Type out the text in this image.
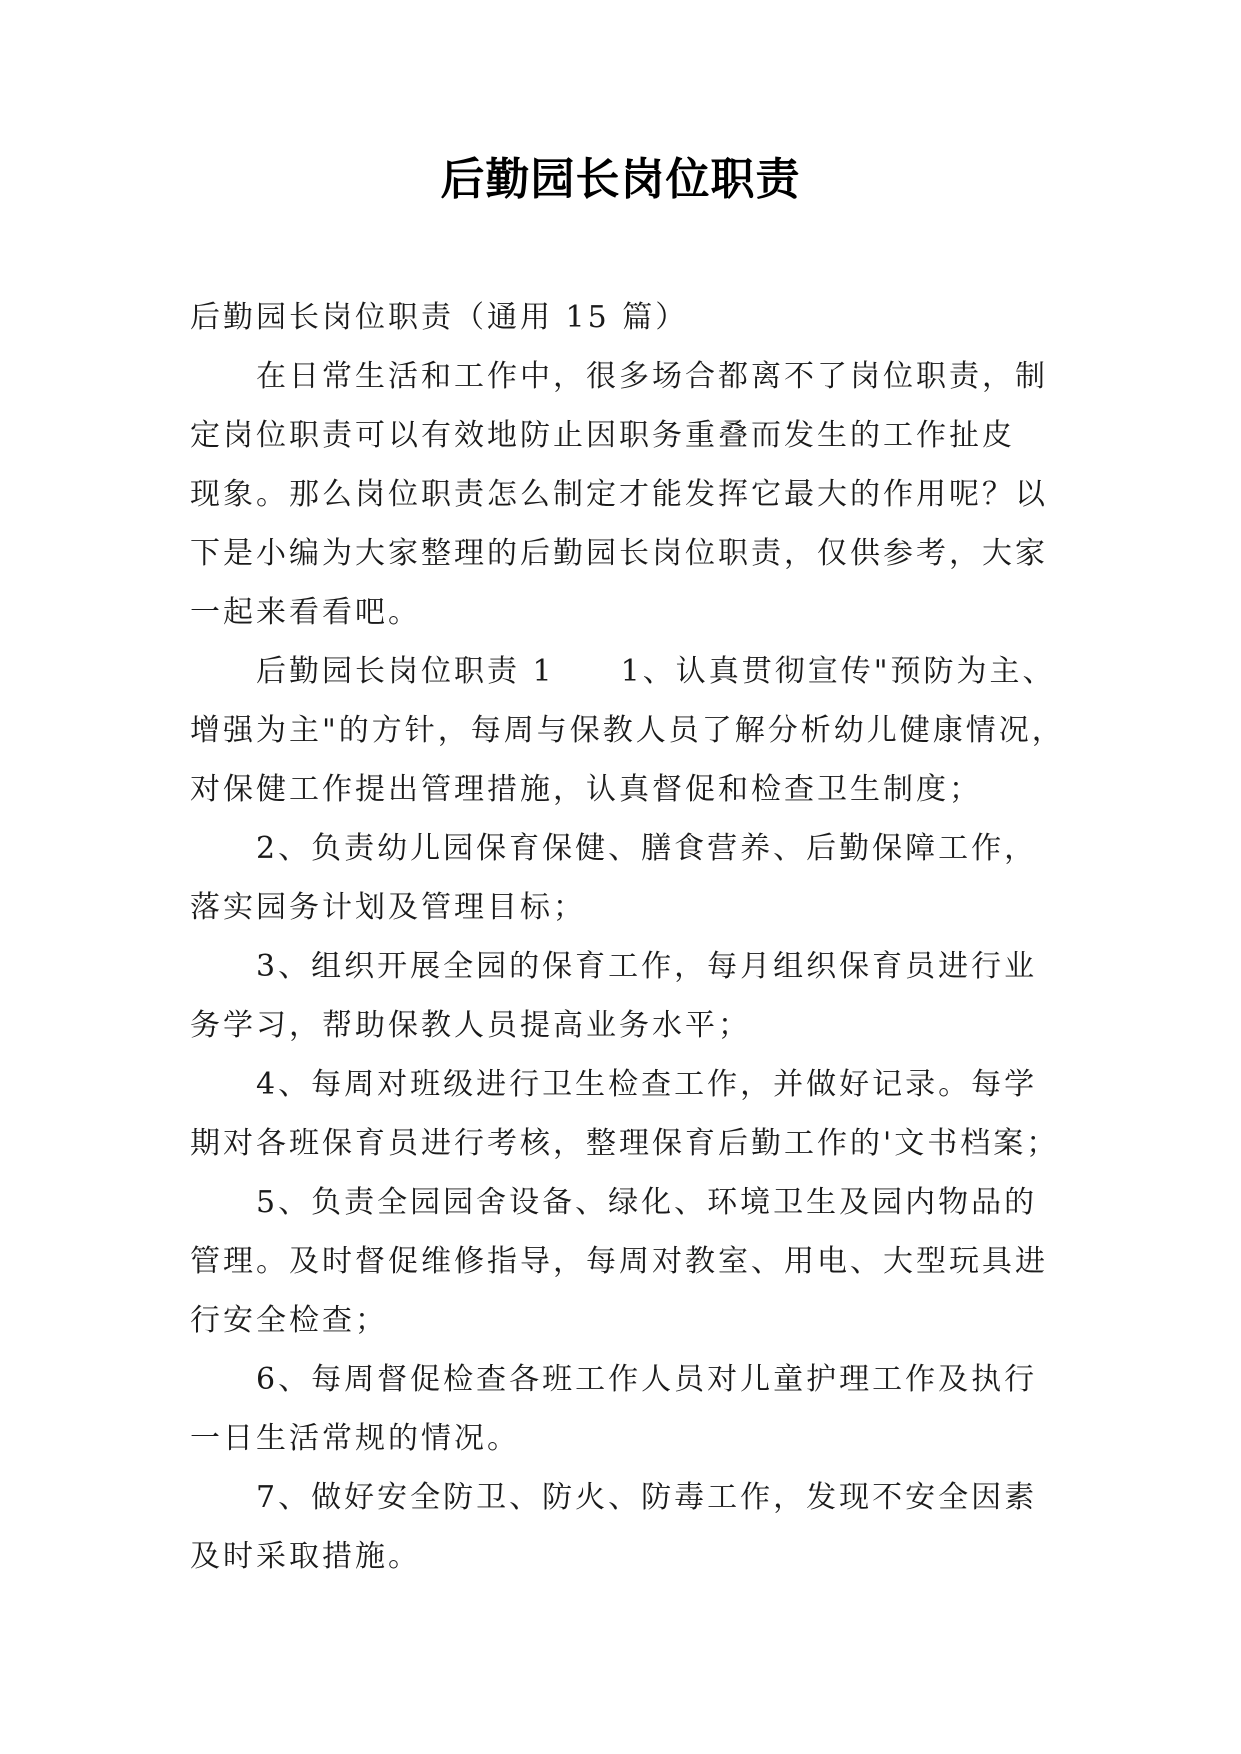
后勤园长岗位职责
后勤园长岗位职责（通用 15 篇）
在日常生活和工作中，很多场合都离不了岗位职责，制
定岗位职责可以有效地防止因职务重叠而发生的工作扯皮
现象。那么岗位职责怎么制定才能发挥它最大的作用呢？以
下是小编为大家整理的后勤园长岗位职责，仅供参考，大家
一起来看看吧。
后勤园长岗位职责 1　　1、认真贯彻宣传"预防为主、
增强为主"的方针，每周与保教人员了解分析幼儿健康情况，
对保健工作提出管理措施，认真督促和检查卫生制度；
2、负责幼儿园保育保健、膳食营养、后勤保障工作，
落实园务计划及管理目标；
3、组织开展全园的保育工作，每月组织保育员进行业
务学习，帮助保教人员提高业务水平；
4、每周对班级进行卫生检查工作，并做好记录。每学
期对各班保育员进行考核，整理保育后勤工作的'文书档案；
5、负责全园园舍设备、绿化、环境卫生及园内物品的
管理。及时督促维修指导，每周对教室、用电、大型玩具进
行安全检查；
6、每周督促检查各班工作人员对儿童护理工作及执行
一日生活常规的情况。
7、做好安全防卫、防火、防毒工作，发现不安全因素
及时采取措施。
